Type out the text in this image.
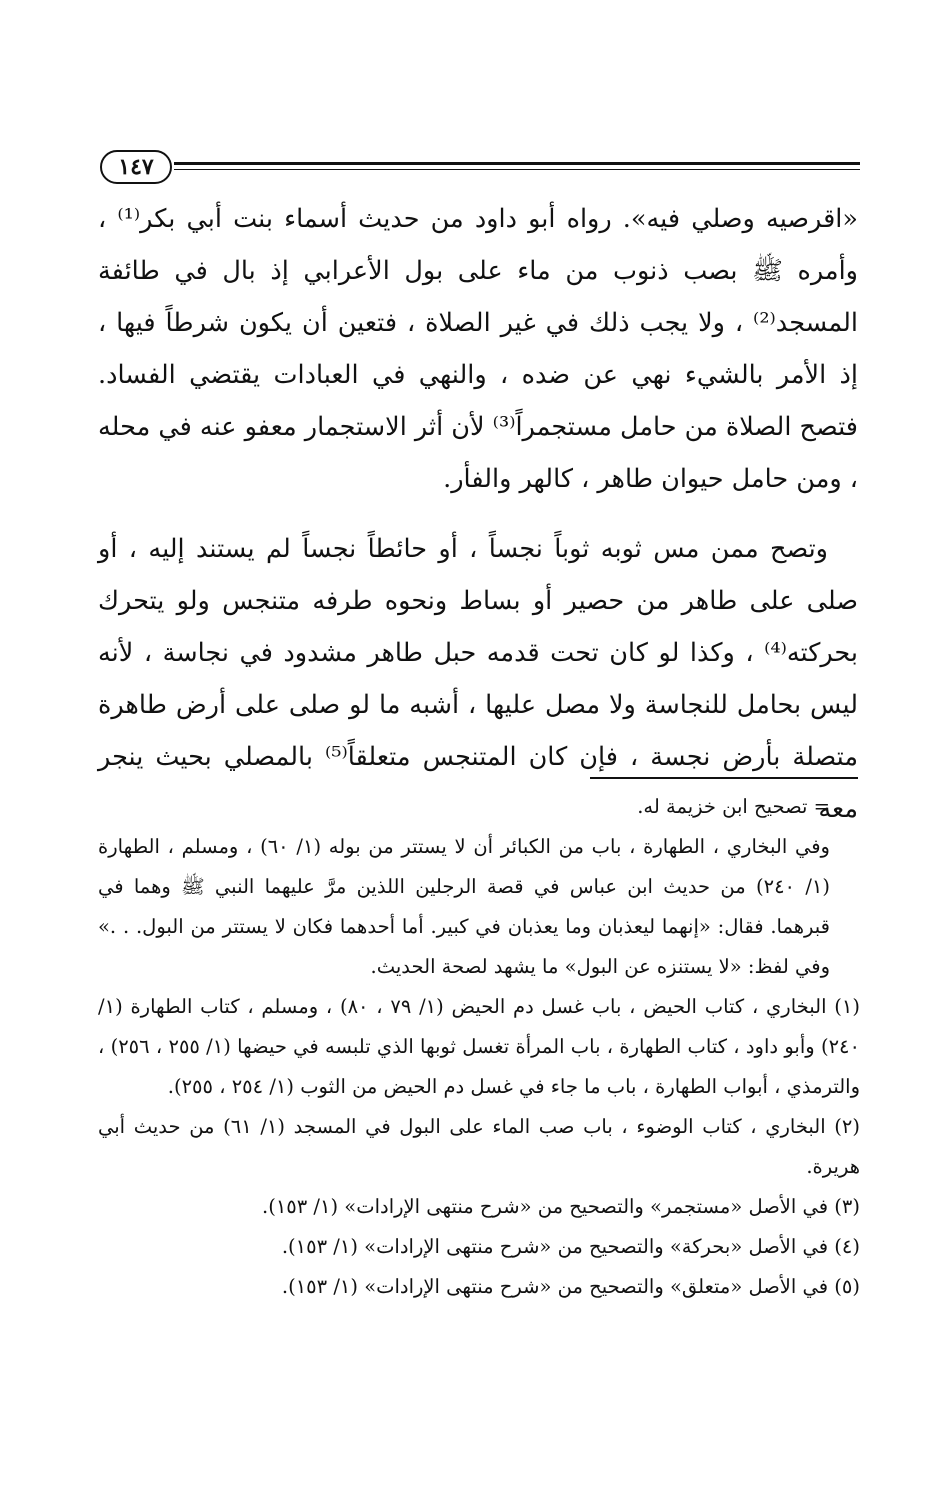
١٤٧

«اقرصيه وصلي فيه». رواه أبو داود من حديث أسماء بنت أبي بكر⁽¹⁾ ، وأمره ﷺ بصب ذنوب من ماء على بول الأعرابي إذ بال في طائفة المسجد⁽²⁾ ، ولا يجب ذلك في غير الصلاة ، فتعين أن يكون شرطاً فيها ، إذ الأمر بالشيء نهي عن ضده ، والنهي في العبادات يقتضي الفساد. فتصح الصلاة من حامل مستجمراً⁽³⁾ لأن أثر الاستجمار معفو عنه في محله ، ومن حامل حيوان طاهر ، كالهر والفأر.

وتصح ممن مس ثوبه ثوباً نجساً ، أو حائطاً نجساً لم يستند إليه ، أو صلى على طاهر من حصير أو بساط ونحوه طرفه متنجس ولو يتحرك بحركته⁽⁴⁾ ، وكذا لو كان تحت قدمه حبل طاهر مشدود في نجاسة ، لأنه ليس بحامل للنجاسة ولا مصل عليها ، أشبه ما لو صلى على أرض طاهرة متصلة بأرض نجسة ، فإن كان المتنجس متعلقاً⁽⁵⁾ بالمصلي بحيث ينجر معه

= تصحيح ابن خزيمة له.

وفي البخاري ، الطهارة ، باب من الكبائر أن لا يستتر من بوله (١/ ٦٠) ، ومسلم ، الطهارة (١/ ٢٤٠) من حديث ابن عباس في قصة الرجلين اللذين مرَّ عليهما النبي ﷺ وهما في قبرهما. فقال: «إنهما ليعذبان وما يعذبان في كبير. أما أحدهما فكان لا يستتر من البول. . .» وفي لفظ: «لا يستنزه عن البول» ما يشهد لصحة الحديث.

(١) البخاري ، كتاب الحيض ، باب غسل دم الحيض (١/ ٧٩ ، ٨٠) ، ومسلم ، كتاب الطهارة (١/ ٢٤٠) وأبو داود ، كتاب الطهارة ، باب المرأة تغسل ثوبها الذي تلبسه في حيضها (١/ ٢٥٥ ، ٢٥٦) ، والترمذي ، أبواب الطهارة ، باب ما جاء في غسل دم الحيض من الثوب (١/ ٢٥٤ ، ٢٥٥).

(٢) البخاري ، كتاب الوضوء ، باب صب الماء على البول في المسجد (١/ ٦١) من حديث أبي هريرة.

(٣) في الأصل «مستجمر» والتصحيح من «شرح منتهى الإرادات» (١/ ١٥٣).

(٤) في الأصل «بحركة» والتصحيح من «شرح منتهى الإرادات» (١/ ١٥٣).

(٥) في الأصل «متعلق» والتصحيح من «شرح منتهى الإرادات» (١/ ١٥٣).
